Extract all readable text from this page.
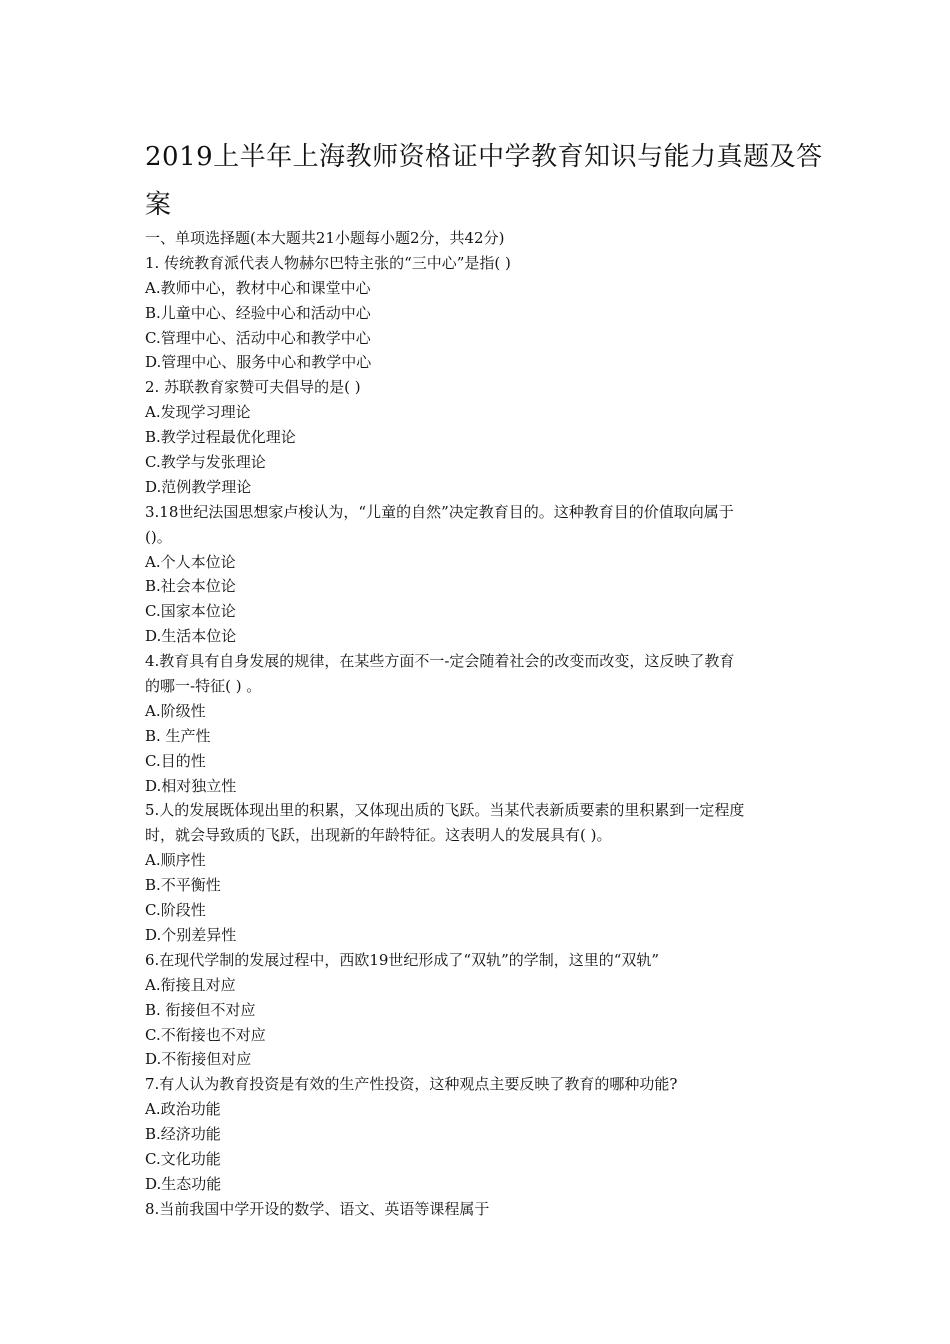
2019上半年上海教师资格证中学教育知识与能力真题及答案

一、单项选择题(本大题共21小题每小题2分，共42分)

1. 传统教育派代表人物赫尔巴特主张的“三中心”是指( )

A.教师中心，教材中心和课堂中心

B.儿童中心、经验中心和活动中心

C.管理中心、活动中心和教学中心

D.管理中心、服务中心和教学中心

2. 苏联教育家赞可夫倡导的是( )

A.发现学习理论

B.教学过程最优化理论

C.教学与发张理论

D.范例教学理论

3.18世纪法国思想家卢梭认为，“儿童的自然”决定教育目的。这种教育目的价值取向属于

()。

A.个人本位论

B.社会本位论

C.国家本位论

D.生活本位论

4.教育具有自身发展的规律，在某些方面不一-定会随着社会的改变而改变，这反映了教育

的哪一-特征( ) 。

A.阶级性

B. 生产性

C.目的性

D.相对独立性

5.人的发展既体现出里的积累，又体现出质的飞跃。当某代表新质要素的里积累到一定程度

时，就会导致质的飞跃，出现新的年龄特征。这表明人的发展具有( )。

A.顺序性

B.不平衡性

C.阶段性

D.个别差异性

6.在现代学制的发展过程中，西欧19世纪形成了“双轨”的学制，这里的“双轨”

A.衔接且对应

B. 衔接但不对应

C.不衔接也不对应

D.不衔接但对应

7.有人认为教育投资是有效的生产性投资，这种观点主要反映了教育的哪种功能?

A.政治功能

B.经济功能

C.文化功能

D.生态功能

8.当前我国中学开设的数学、语文、英语等课程属于
